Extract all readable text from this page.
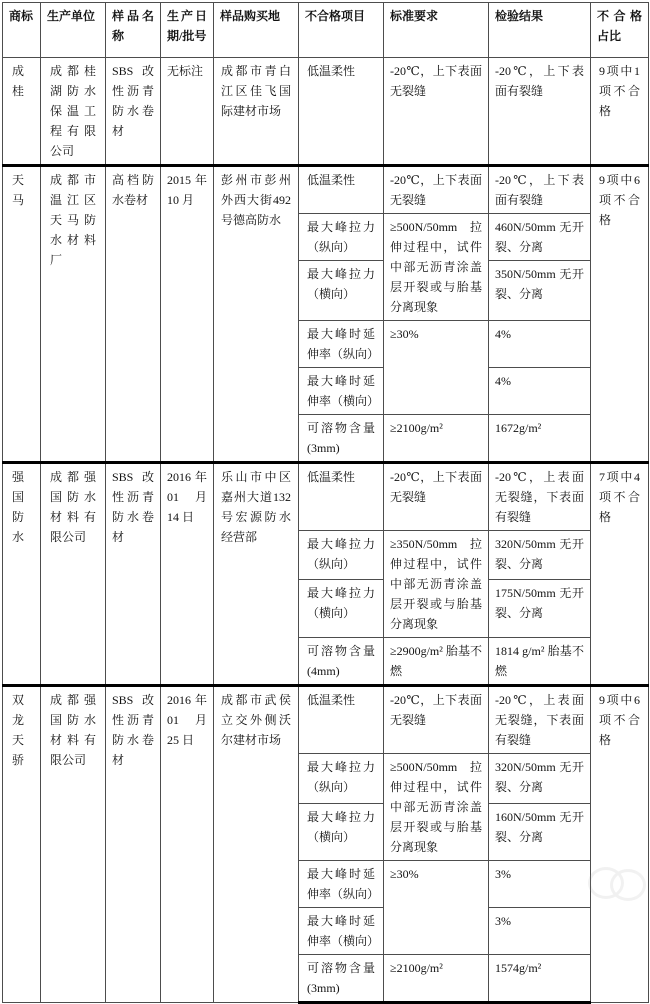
商标	生产单位	样品名称	生产日期/批号	样品购买地	不合格项目	标准要求	检验结果	不合格占比
成桂	成都桂湖防水保温工程有限公司	SBS 改性沥青防水卷材	无标注	成都市青白江区佳飞国际建材市场	低温柔性	-20℃，上下表面无裂缝	-20℃，上下表面有裂缝	9项中1项不合格
天马	成都市温江区天马防水材料厂	高档防水卷材	2015 年 10 月	彭州市彭州外西大街492号德高防水	低温柔性	-20℃，上下表面无裂缝	-20℃，上下表面有裂缝	9项中6项不合格
					最大峰拉力（纵向）	≥500N/50mm 拉伸过程中，试件中部无沥青涂盖层开裂或与胎基分离现象	460N/50mm 无开裂、分离	
					最大峰拉力（横向）		350N/50mm 无开裂、分离	
					最大峰时延伸率（纵向）	≥30%	4%	
					最大峰时延伸率（横向）		4%	
					可溶物含量(3mm)	≥2100g/m²	1672g/m²	
强国防水	成都强国防水材料有限公司	SBS 改性沥青防水卷材	2016 年 01 月 14 日	乐山市中区嘉州大道132号宏源防水经营部	低温柔性	-20℃，上下表面无裂缝	-20℃，上表面无裂缝，下表面有裂缝	7项中4项不合格
					最大峰拉力（纵向）	≥350N/50mm 拉伸过程中，试件中部无沥青涂盖层开裂或与胎基分离现象	320N/50mm 无开裂、分离	
					最大峰拉力（横向）		175N/50mm 无开裂、分离	
					可溶物含量(4mm)	≥2900g/m² 胎基不燃	1814 g/m² 胎基不燃	
双龙天骄	成都强国防水材料有限公司	SBS 改性沥青防水卷材	2016 年 01 月 25 日	成都市武侯立交外侧沃尔建材市场	低温柔性	-20℃，上下表面无裂缝	-20℃，上表面无裂缝，下表面有裂缝	9项中6项不合格
					最大峰拉力（纵向）	≥500N/50mm 拉伸过程中，试件中部无沥青涂盖层开裂或与胎基分离现象	320N/50mm 无开裂、分离	
					最大峰拉力（横向）		160N/50mm 无开裂、分离	
					最大峰时延伸率（纵向）	≥30%	3%	
					最大峰时延伸率（横向）		3%	
					可溶物含量(3mm)	≥2100g/m²	1574g/m²	
